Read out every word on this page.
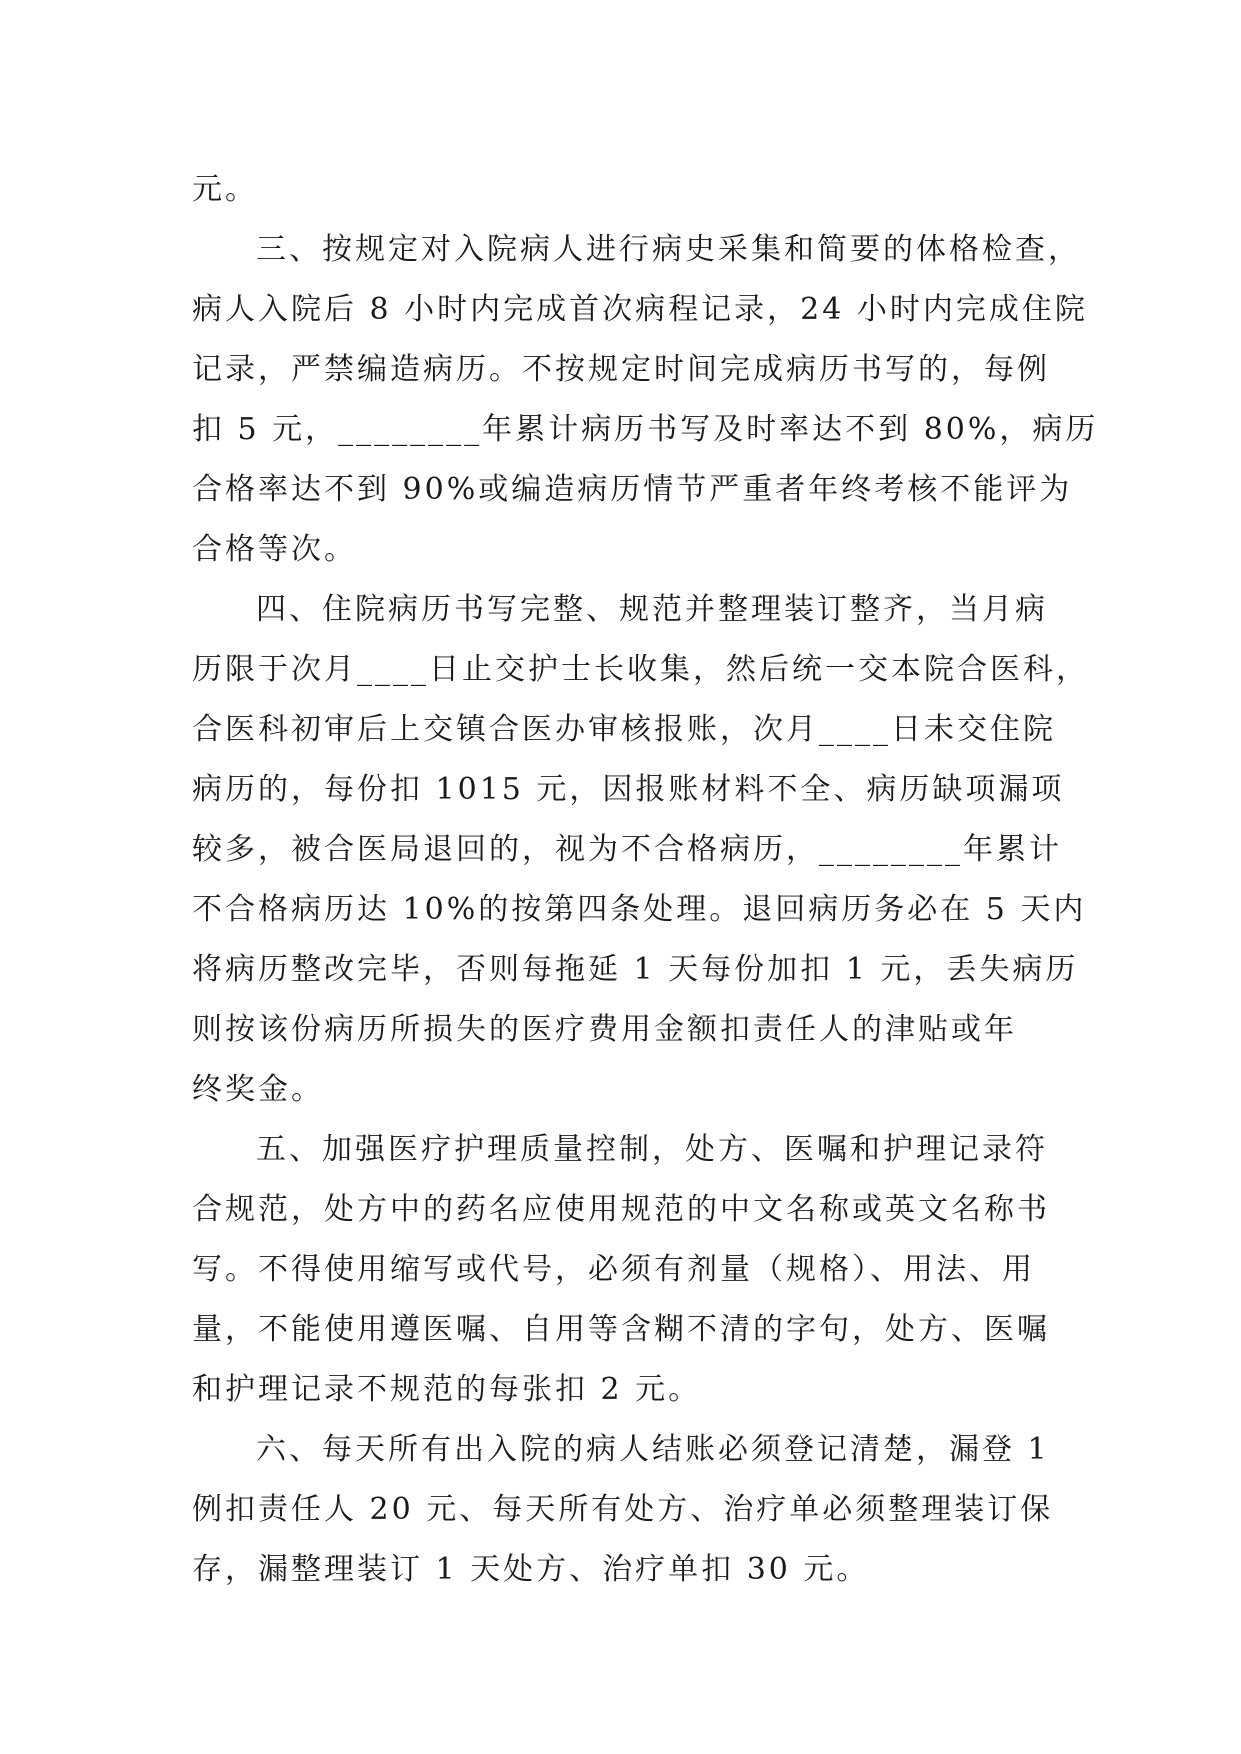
元。
三、按规定对入院病人进行病史采集和简要的体格检查，
病人入院后 8 小时内完成首次病程记录，24 小时内完成住院
记录，严禁编造病历。不按规定时间完成病历书写的，每例
扣 5 元，________年累计病历书写及时率达不到 80%，病历
合格率达不到 90%或编造病历情节严重者年终考核不能评为
合格等次。
四、住院病历书写完整、规范并整理装订整齐，当月病
历限于次月____日止交护士长收集，然后统一交本院合医科，
合医科初审后上交镇合医办审核报账，次月____日未交住院
病历的，每份扣 1015 元，因报账材料不全、病历缺项漏项
较多，被合医局退回的，视为不合格病历，________年累计
不合格病历达 10%的按第四条处理。退回病历务必在 5 天内
将病历整改完毕，否则每拖延 1 天每份加扣 1 元，丢失病历
则按该份病历所损失的医疗费用金额扣责任人的津贴或年
终奖金。
五、加强医疗护理质量控制，处方、医嘱和护理记录符
合规范，处方中的药名应使用规范的中文名称或英文名称书
写。不得使用缩写或代号，必须有剂量（规格）、用法、用
量，不能使用遵医嘱、自用等含糊不清的字句，处方、医嘱
和护理记录不规范的每张扣 2 元。
六、每天所有出入院的病人结账必须登记清楚，漏登 1
例扣责任人 20 元、每天所有处方、治疗单必须整理装订保
存，漏整理装订 1 天处方、治疗单扣 30 元。
